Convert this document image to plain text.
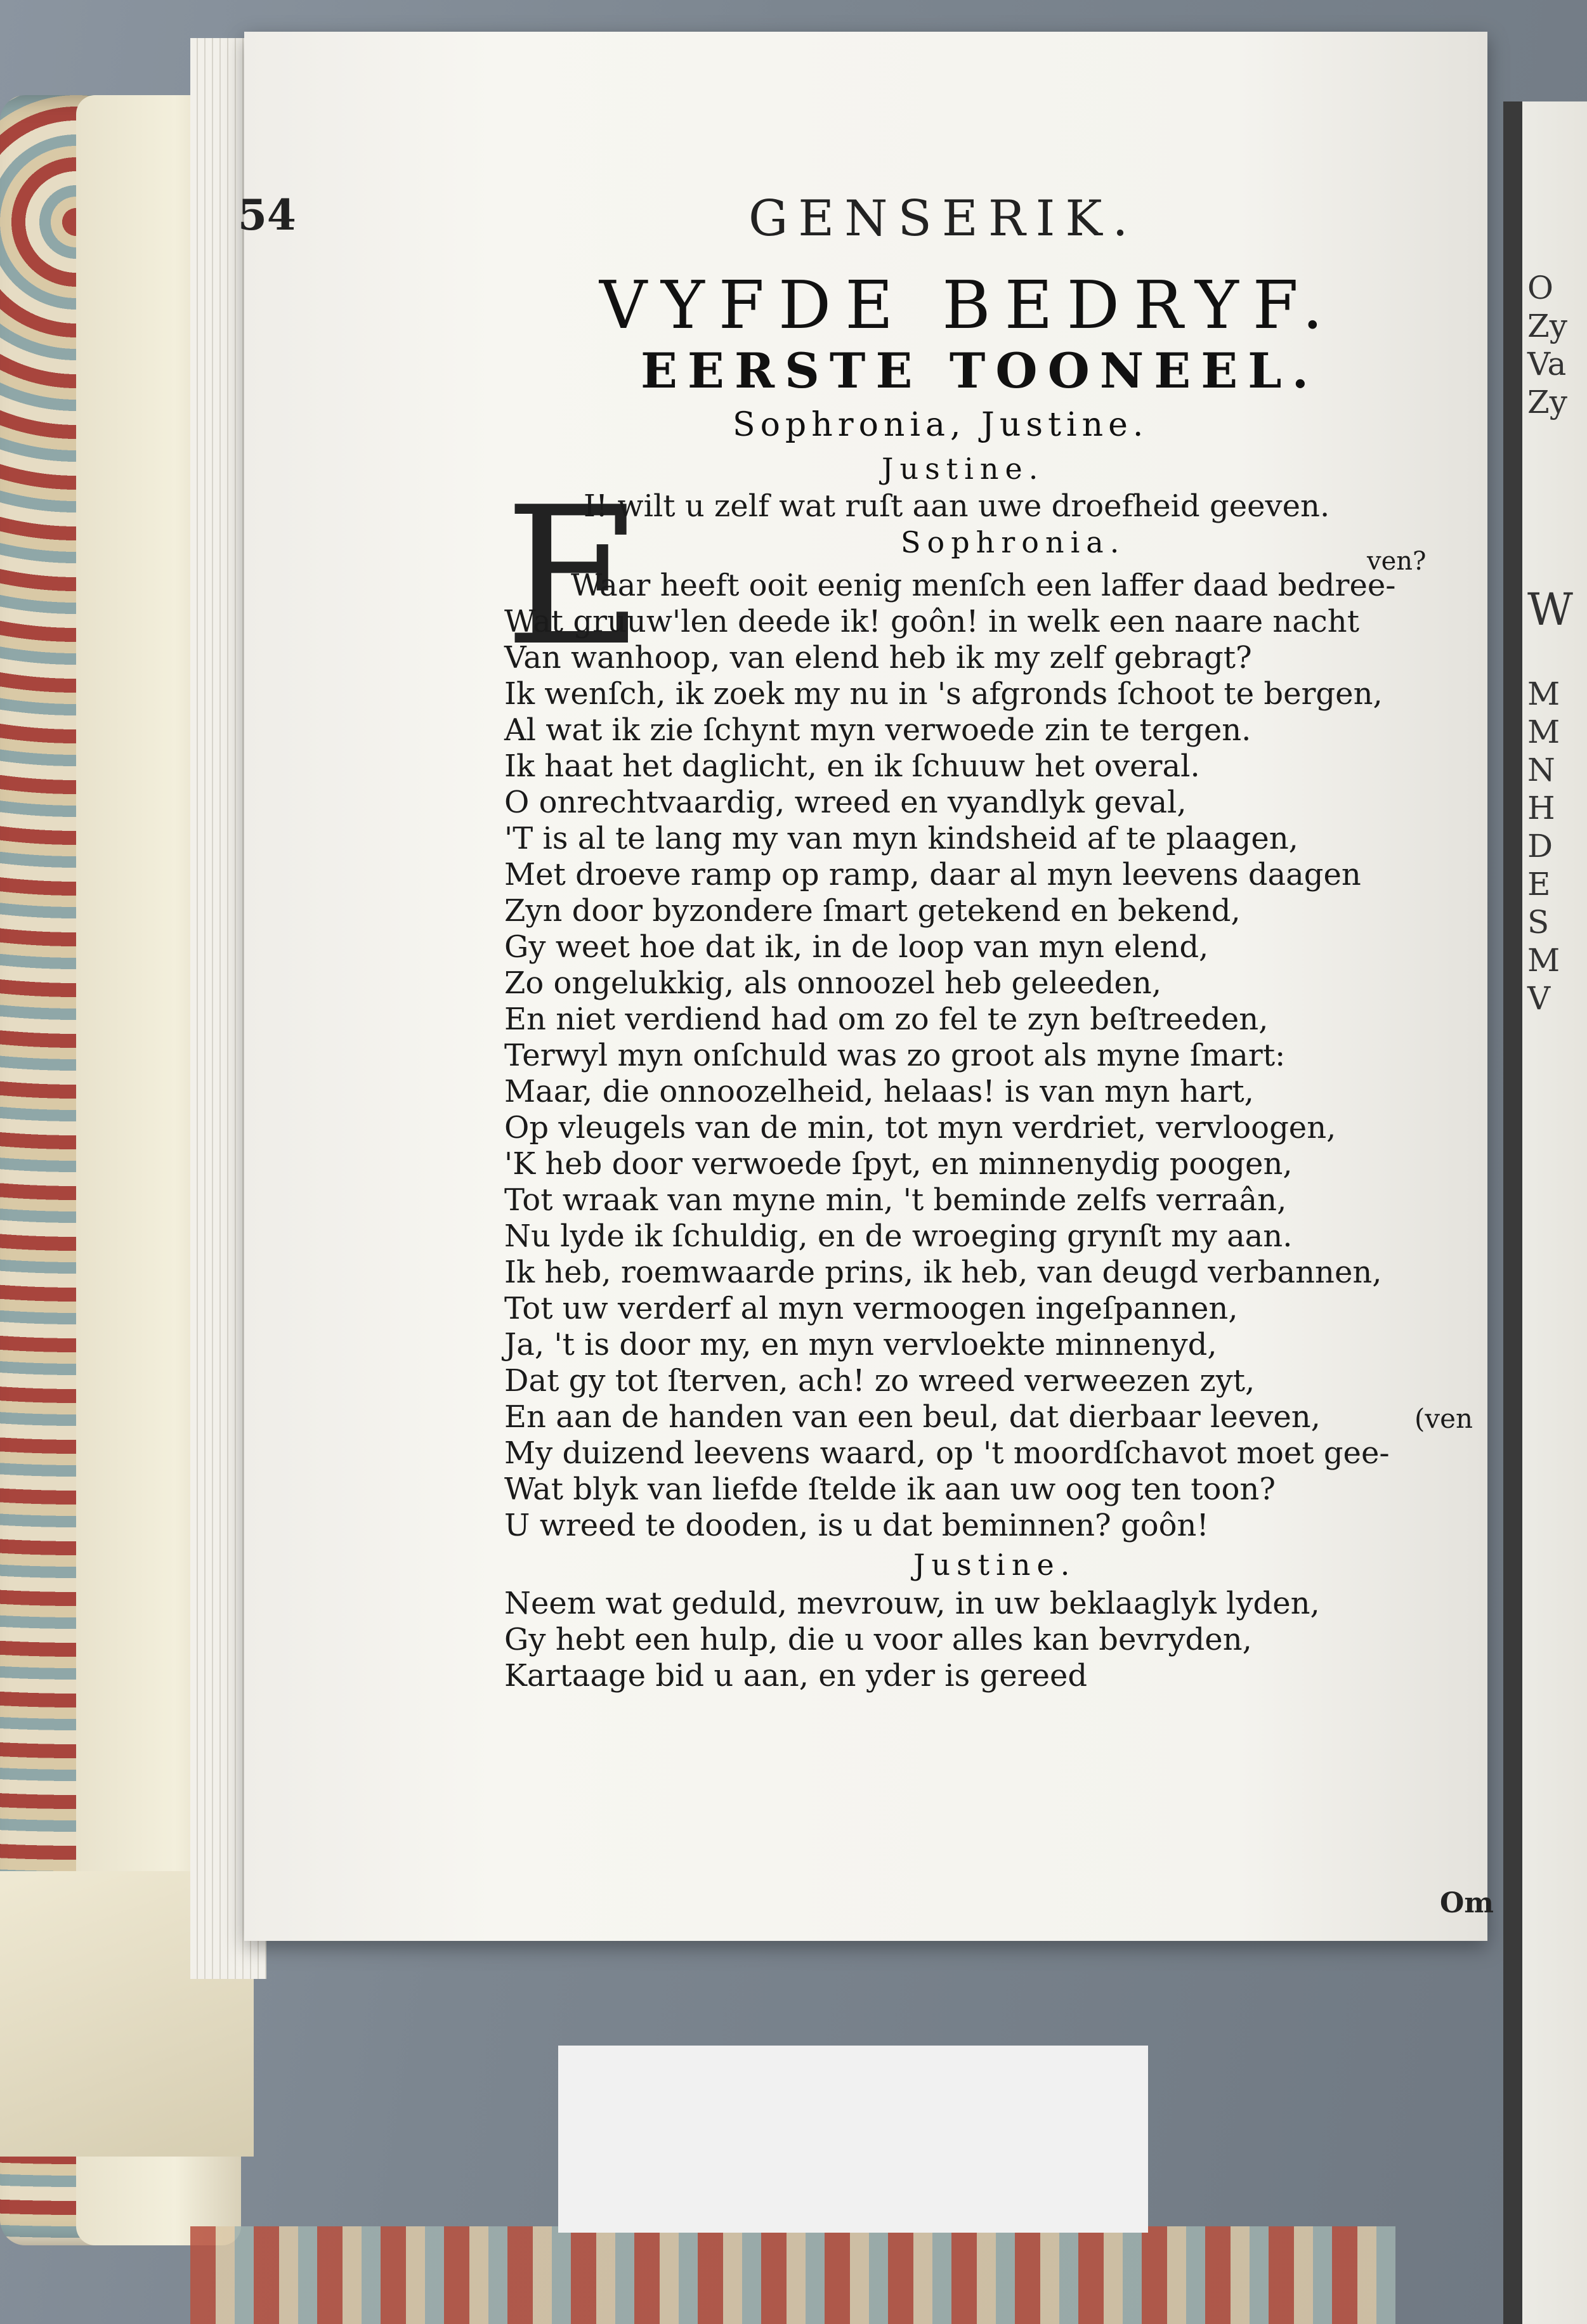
O
Zy
Va
Zy
W
M
M
N
H
D
E
S
M
V
54	GENSERIK.
VYFDE BEDRYF.
EERSTE TOONEEL.
Sophronia, Justine.
Justine.
E
I! wilt u zelf wat ruſt aan uwe droefheid geeven.
Sophronia.
ven?
Waar heeft ooit eenig menſch een laffer daad bedree-
Wat gruuw'len deede ik! goôn! in welk een naare nacht
Van wanhoop, van elend heb ik my zelf gebragt?
Ik wenſch, ik zoek my nu in 's afgronds ſchoot te bergen,
Al wat ik zie ſchynt myn verwoede zin te tergen.
Ik haat het daglicht, en ik ſchuuw het overal.
O onrechtvaardig, wreed en vyandlyk geval,
'T is al te lang my van myn kindsheid af te plaagen,
Met droeve ramp op ramp, daar al myn leevens daagen
Zyn door byzondere ſmart getekend en bekend,
Gy weet hoe dat ik, in de loop van myn elend,
Zo ongelukkig, als onnoozel heb geleeden,
En niet verdiend had om zo fel te zyn beſtreeden,
Terwyl myn onſchuld was zo groot als myne ſmart:
Maar, die onnoozelheid, helaas! is van myn hart,
Op vleugels van de min, tot myn verdriet, vervloogen,
'K heb door verwoede ſpyt, en minnenydig poogen,
Tot wraak van myne min, 't beminde zelfs verraân,
Nu lyde ik ſchuldig, en de wroeging grynſt my aan.
Ik heb, roemwaarde prins, ik heb, van deugd verbannen,
Tot uw verderf al myn vermoogen ingeſpannen,
Ja, 't is door my, en myn vervloekte minnenyd,
Dat gy tot ſterven, ach! zo wreed verweezen zyt,
En aan de handen van een beul, dat dierbaar leeven,	(ven
My duizend leevens waard, op 't moordſchavot moet gee-
Wat blyk van liefde ſtelde ik aan uw oog ten toon?
U wreed te dooden, is u dat beminnen? goôn!
Justine.
Neem wat geduld, mevrouw, in uw beklaaglyk lyden,
Gy hebt een hulp, die u voor alles kan bevryden,
Kartaage bid u aan, en yder is gereed
Om
